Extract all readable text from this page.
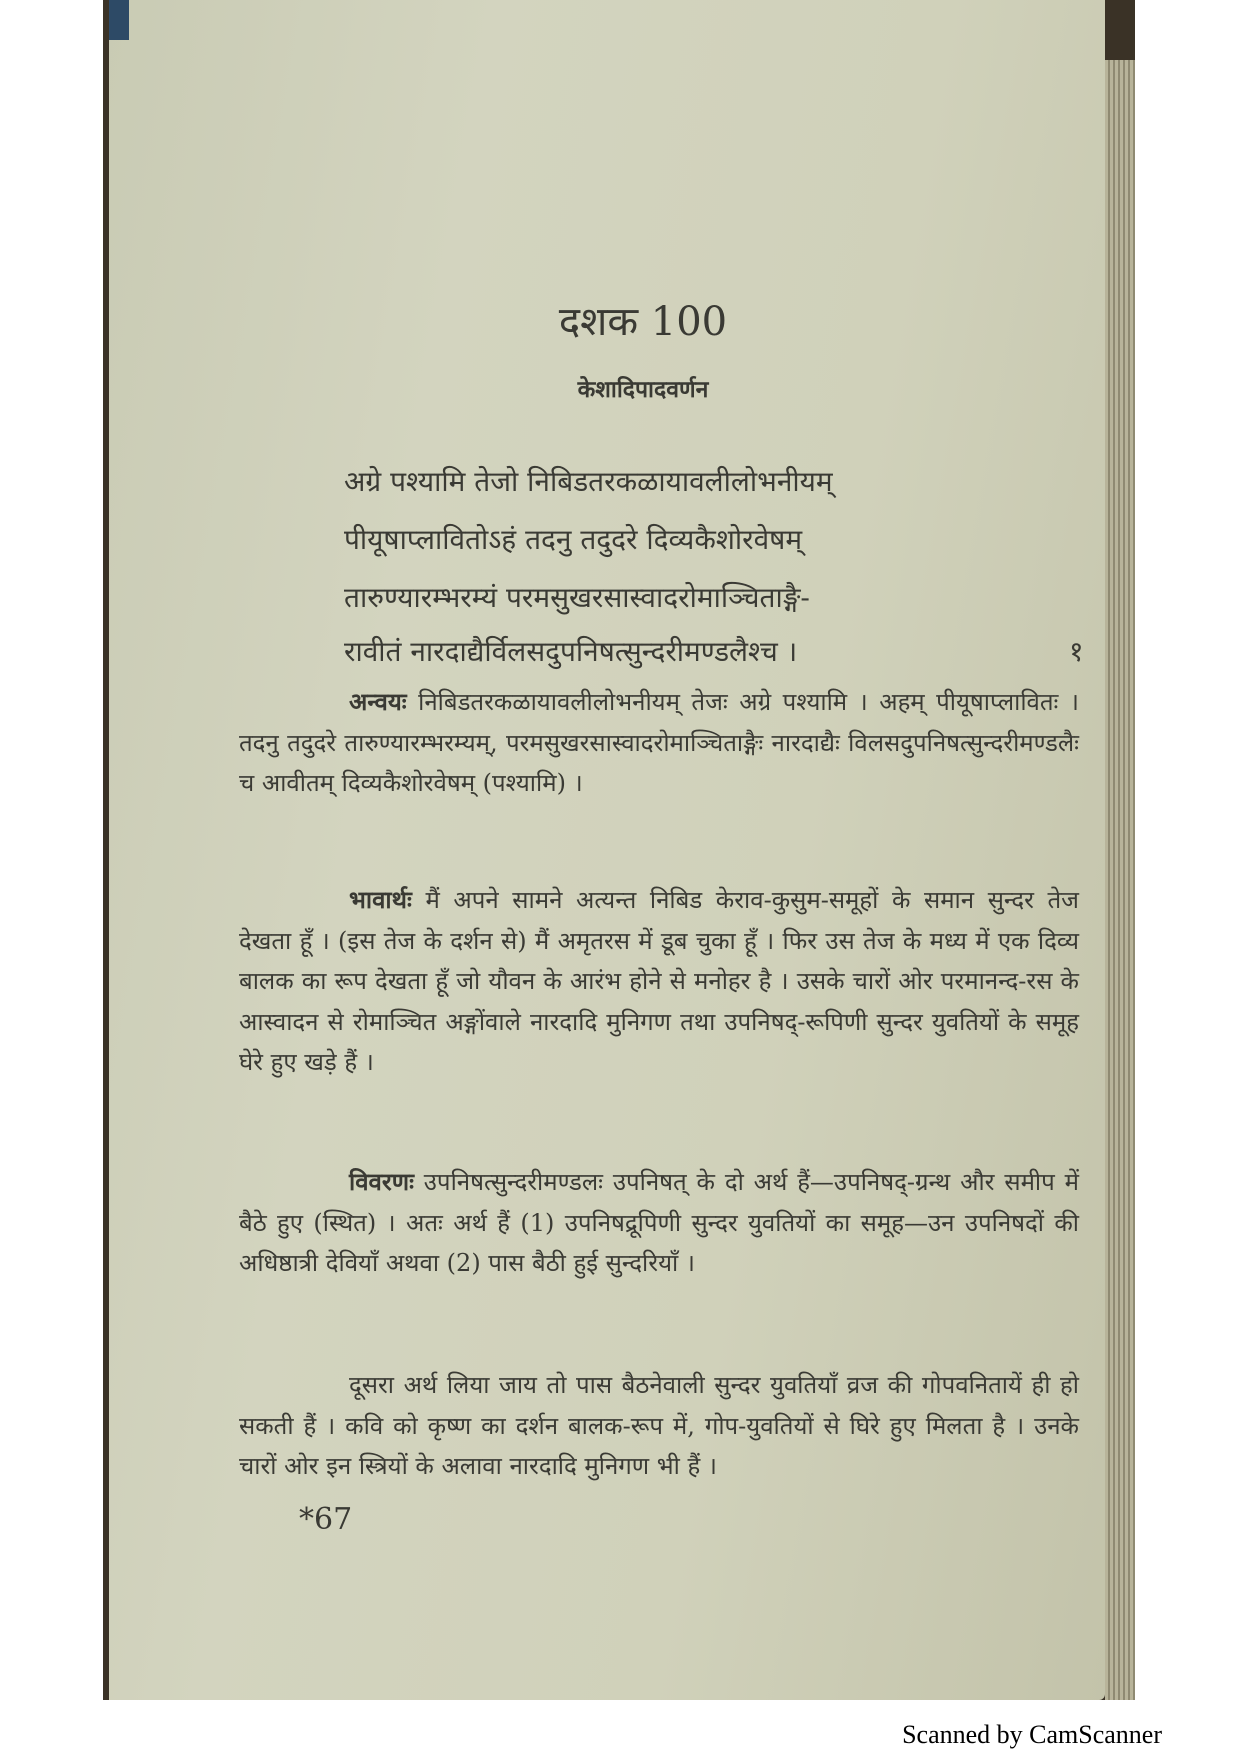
दशक 100

केशादिपादवर्णन

अग्रे पश्यामि तेजो निबिडतरकळायावलीलोभनीयम्

पीयूषाप्लावितोऽहं तदनु तदुदरे दिव्यकैशोरवेषम्

तारुण्यारम्भरम्यं परमसुखरसास्वादरोमाञ्चिताङ्गै-

रावीतं नारदाद्यैर्विलसदुपनिषत्सुन्दरीमण्डलैश्च ।	१

अन्वयः निबिडतरकळायावलीलोभनीयम् तेजः अग्रे पश्यामि । अहम् पीयूषाप्लावितः । तदनु तदुदरे तारुण्यारम्भरम्यम्, परमसुखरसास्वादरोमाञ्चिताङ्गैः नारदाद्यैः विलसदुपनिषत्सुन्दरीमण्डलैः च आवीतम् दिव्यकैशोरवेषम् (पश्यामि) ।

भावार्थः मैं अपने सामने अत्यन्त निबिड केराव-कुसुम-समूहों के समान सुन्दर तेज देखता हूँ । (इस तेज के दर्शन से) मैं अमृतरस में डूब चुका हूँ । फिर उस तेज के मध्य में एक दिव्य बालक का रूप देखता हूँ जो यौवन के आरंभ होने से मनोहर है । उसके चारों ओर परमानन्द-रस के आस्वादन से रोमाञ्चित अङ्गोंवाले नारदादि मुनिगण तथा उपनिषद्-रूपिणी सुन्दर युवतियों के समूह घेरे हुए खड़े हैं ।

विवरणः उपनिषत्सुन्दरीमण्डलः उपनिषत् के दो अर्थ हैं—उपनिषद्-ग्रन्थ और समीप में बैठे हुए (स्थित) । अतः अर्थ हैं (1) उपनिषद्रूपिणी सुन्दर युवतियों का समूह—उन उपनिषदों की अधिष्ठात्री देवियाँ अथवा (2) पास बैठी हुई सुन्दरियाँ ।

दूसरा अर्थ लिया जाय तो पास बैठनेवाली सुन्दर युवतियाँ व्रज की गोपवनितायें ही हो सकती हैं । कवि को कृष्ण का दर्शन बालक-रूप में, गोप-युवतियों से घिरे हुए मिलता है । उनके चारों ओर इन स्त्रियों के अलावा नारदादि मुनिगण भी हैं ।

*67

Scanned by CamScanner
